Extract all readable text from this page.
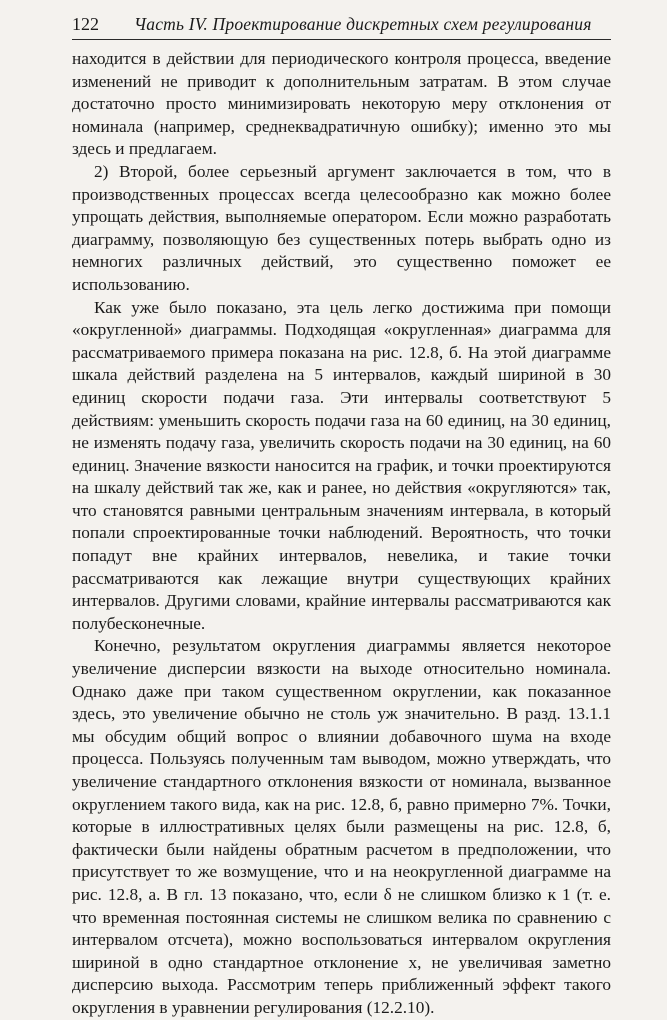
122	Часть IV. Проектирование дискретных схем регулирования

находится в действии для периодического контроля процесса, введение изменений не приводит к дополнительным затратам. В этом случае достаточно просто минимизировать некоторую меру отклонения от номинала (например, среднеквадратичную ошибку); именно это мы здесь и предлагаем.

2) Второй, более серьезный аргумент заключается в том, что в производственных процессах всегда целесообразно как можно более упрощать действия, выполняемые оператором. Если можно разработать диаграмму, позволяющую без существенных потерь выбрать одно из немногих различных действий, это существенно поможет ее использованию.

Как уже было показано, эта цель легко достижима при помощи «округленной» диаграммы. Подходящая «округленная» диаграмма для рассматриваемого примера показана на рис. 12.8, б. На этой диаграмме шкала действий разделена на 5 интервалов, каждый шириной в 30 единиц скорости подачи газа. Эти интервалы соответствуют 5 действиям: уменьшить скорость подачи газа на 60 единиц, на 30 единиц, не изменять подачу газа, увеличить скорость подачи на 30 единиц, на 60 единиц. Значение вязкости наносится на график, и точки проектируются на шкалу действий так же, как и ранее, но действия «округляются» так, что становятся равными центральным значениям интервала, в который попали спроектированные точки наблюдений. Вероятность, что точки попадут вне крайних интервалов, невелика, и такие точки рассматриваются как лежащие внутри существующих крайних интервалов. Другими словами, крайние интервалы рассматриваются как полубесконечные.

Конечно, результатом округления диаграммы является некоторое увеличение дисперсии вязкости на выходе относительно номинала. Однако даже при таком существенном округлении, как показанное здесь, это увеличение обычно не столь уж значительно. В разд. 13.1.1 мы обсудим общий вопрос о влиянии добавочного шума на входе процесса. Пользуясь полученным там выводом, можно утверждать, что увеличение стандартного отклонения вязкости от номинала, вызванное округлением такого вида, как на рис. 12.8, б, равно примерно 7%. Точки, которые в иллюстративных целях были размещены на рис. 12.8, б, фактически были найдены обратным расчетом в предположении, что присутствует то же возмущение, что и на неокругленной диаграмме на рис. 12.8, а. В гл. 13 показано, что, если δ не слишком близко к 1 (т. е. что временная постоянная системы не слишком велика по сравнению с интервалом отсчета), можно воспользоваться интервалом округления шириной в одно стандартное отклонение x, не увеличивая заметно дисперсию выхода. Рассмотрим теперь приближенный эффект такого округления в уравнении регулирования (12.2.10).
